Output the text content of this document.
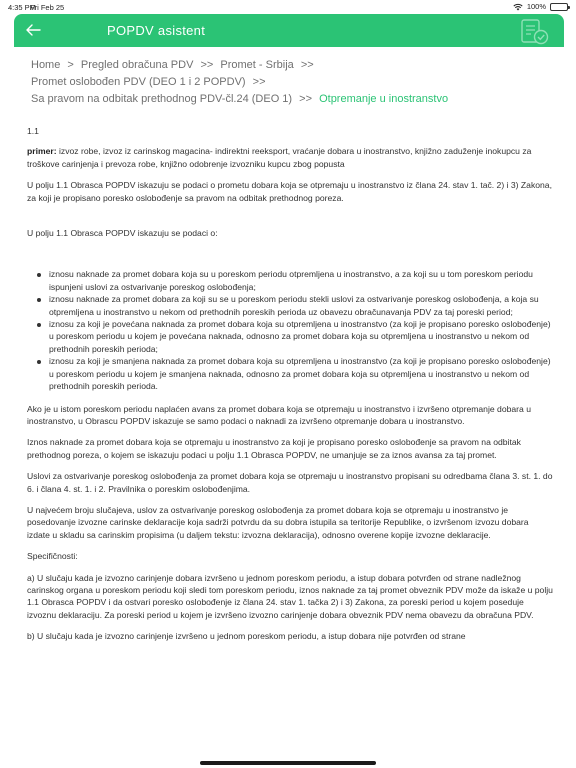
4:35 PM
Fri Feb 25	100%
POPDV asistent
Home > Pregled obračuna PDV >> Promet - Srbija >>
Promet oslobođen PDV (DEO 1 i 2 POPDV) >>
Sa pravom na odbitak prethodnog PDV-čl.24 (DEO 1) >> Otpremanje u inostranstvo

1.1

primer: izvoz robe, izvoz iz carinskog magacina- indirektni reeksport, vraćanje dobara u inostranstvo, knjižno zaduženje inokupcu za troškove carinjenja i prevoza robe, knjižno odobrenje izvozniku kupcu zbog popusta

U polju 1.1 Obrasca POPDV iskazuju se podaci o prometu dobara koja se otpremaju u inostranstvo iz člana 24. stav 1. tač. 2) i 3) Zakona, za koji je propisano poresko oslobođenje sa pravom na odbitak prethodnog poreza.

U polju 1.1 Obrasca POPDV iskazuju se podaci o:

iznosu naknade za promet dobara koja su u poreskom periodu otpremljena u inostranstvo, a za koji su u tom poreskom periodu ispunjeni uslovi za ostvarivanje poreskog oslobođenja;
iznosu naknade za promet dobara za koji su se u poreskom periodu stekli uslovi za ostvarivanje poreskog oslobođenja, a koja su otpremljena u inostranstvo u nekom od prethodnih poreskih perioda uz obavezu obračunavanja PDV za taj poreski period;
iznosu za koji je povećana naknada za promet dobara koja su otpremljena u inostranstvo (za koji je propisano poresko oslobođenje) u poreskom periodu u kojem je povećana naknada, odnosno za promet dobara koja su otpremljena u inostranstvo u nekom od prethodnih poreskih perioda;
iznosu za koji je smanjena naknada za promet dobara koja su otpremljena u inostranstvo (za koji je propisano poresko oslobođenje) u poreskom periodu u kojem je smanjena naknada, odnosno za promet dobara koja su otpremljena u inostranstvo u nekom od prethodnih poreskih perioda.

Ako je u istom poreskom periodu naplaćen avans za promet dobara koja se otpremaju u inostranstvo i izvršeno otpremanje dobara u inostranstvo, u Obrascu POPDV iskazuje se samo podaci o naknadi za izvršeno otpremanje dobara u inostranstvo.

Iznos naknade za promet dobara koja se otpremaju u inostranstvo za koji je propisano poresko oslobođenje sa pravom na odbitak prethodnog poreza, o kojem se iskazuju podaci u polju 1.1 Obrasca POPDV, ne umanjuje se za iznos avansa za taj promet.

Uslovi za ostvarivanje poreskog oslobođenja za promet dobara koja se otpremaju u inostranstvo propisani su odredbama člana 3. st. 1. do 6. i člana 4. st. 1. i 2. Pravilnika o poreskim oslobođenjima.

U najvećem broju slučajeva, uslov za ostvarivanje poreskog oslobođenja za promet dobara koja se otpremaju u inostranstvo je posedovanje izvozne carinske deklaracije koja sadrži potvrdu da su dobra istupila sa teritorije Republike, o izvršenom izvozu dobara izdate u skladu sa carinskim propisima (u daljem tekstu: izvozna deklaracija), odnosno overene kopije izvozne deklaracije.

Specifičnosti:

a) U slučaju kada je izvozno carinjenje dobara izvršeno u jednom poreskom periodu, a istup dobara potvrđen od strane nadležnog carinskog organa u poreskom periodu koji sledi tom poreskom periodu, iznos naknade za taj promet obveznik PDV može da iskaže u polju 1.1 Obrasca POPDV i da ostvari poresko oslobođenje iz člana 24. stav 1. tačka 2) i 3) Zakona, za poreski period u kojem poseduje izvoznu deklaraciju. Za poreski period u kojem je izvršeno izvozno carinjenje dobara obveznik PDV nema obavezu da obračuna PDV.

b) U slučaju kada je izvozno carinjenje izvršeno u jednom poreskom periodu, a istup dobara nije potvrđen od strane
